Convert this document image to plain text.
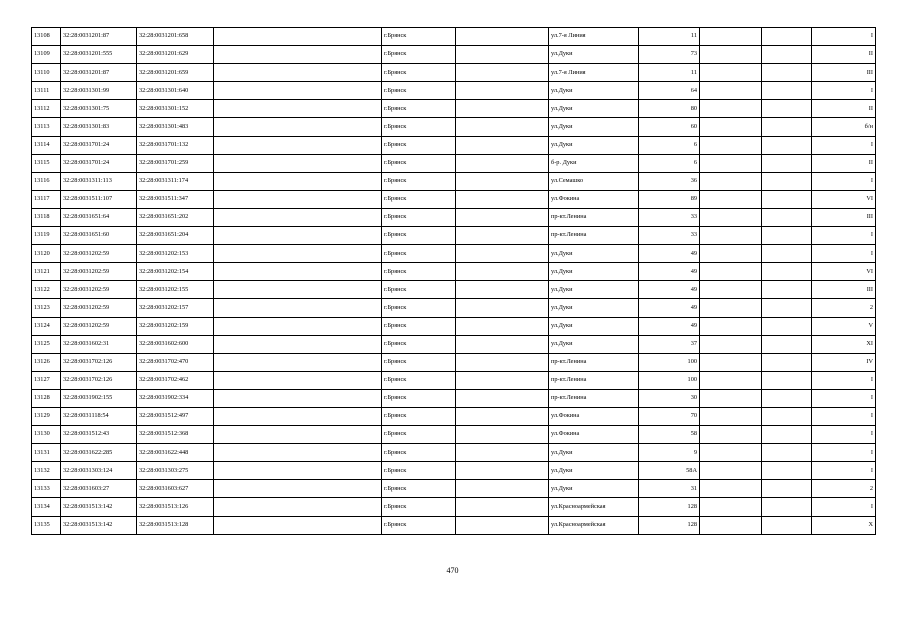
13108	32:28:0031201:87	32:28:0031201:658		г.Брянск		ул.7-я Линия	11			I
13109	32:28:0031201:555	32:28:0031201:629		г.Брянск		ул.Дуки	73			II
13110	32:28:0031201:87	32:28:0031201:659		г.Брянск		ул.7-я Линия	11			III
13111	32:28:0031301:99	32:28:0031301:640		г.Брянск		ул.Дуки	64			I
13112	32:28:0031301:75	32:28:0031301:152		г.Брянск		ул.Дуки	80			II
13113	32:28:0031301:83	32:28:0031301:483		г.Брянск		ул.Дуки	60			б/н
13114	32:28:0031701:24	32:28:0031701:132		г.Брянск		ул.Дуки	6			I
13115	32:28:0031701:24	32:28:0031701:259		г.Брянск		б-р. Дуки	6			II
13116	32:28:0031311:113	32:28:0031311:174		г.Брянск		ул.Семашко	36			I
13117	32:28:0031511:107	32:28:0031511:347		г.Брянск		ул.Фокина	89			VI
13118	32:28:0031651:64	32:28:0031651:202		г.Брянск		пр-кт.Ленина	33			III
13119	32:28:0031651:60	32:28:0031651:204		г.Брянск		пр-кт.Ленина	33			I
13120	32:28:0031202:59	32:28:0031202:153		г.Брянск		ул.Дуки	49			I
13121	32:28:0031202:59	32:28:0031202:154		г.Брянск		ул.Дуки	49			VI
13122	32:28:0031202:59	32:28:0031202:155		г.Брянск		ул.Дуки	49			III
13123	32:28:0031202:59	32:28:0031202:157		г.Брянск		ул.Дуки	49			2
13124	32:28:0031202:59	32:28:0031202:159		г.Брянск		ул.Дуки	49			V
13125	32:28:0031602:31	32:28:0031602:600		г.Брянск		ул.Дуки	37			XI
13126	32:28:0031702:126	32:28:0031702:470		г.Брянск		пр-кт.Ленина	100			IV
13127	32:28:0031702:126	32:28:0031702:462		г.Брянск		пр-кт.Ленина	100			I
13128	32:28:0031902:155	32:28:0031902:334		г.Брянск		пр-кт.Ленина	30			I
13129	32:28:0031118:54	32:28:0031512:497		г.Брянск		ул.Фокина	70			I
13130	32:28:0031512:43	32:28:0031512:368		г.Брянск		ул.Фокина	58			I
13131	32:28:0031622:285	32:28:0031622:448		г.Брянск		ул.Дуки	9			I
13132	32:28:0031303:124	32:28:0031303:275		г.Брянск		ул.Дуки	58А			I
13133	32:28:0031603:27	32:28:0031603:627		г.Брянск		ул.Дуки	31			2
13134	32:28:0031513:142	32:28:0031513:126		г.Брянск		ул.Красноармейская	128			I
13135	32:28:0031513:142	32:28:0031513:128		г.Брянск		ул.Красноармейская	128			X
470
